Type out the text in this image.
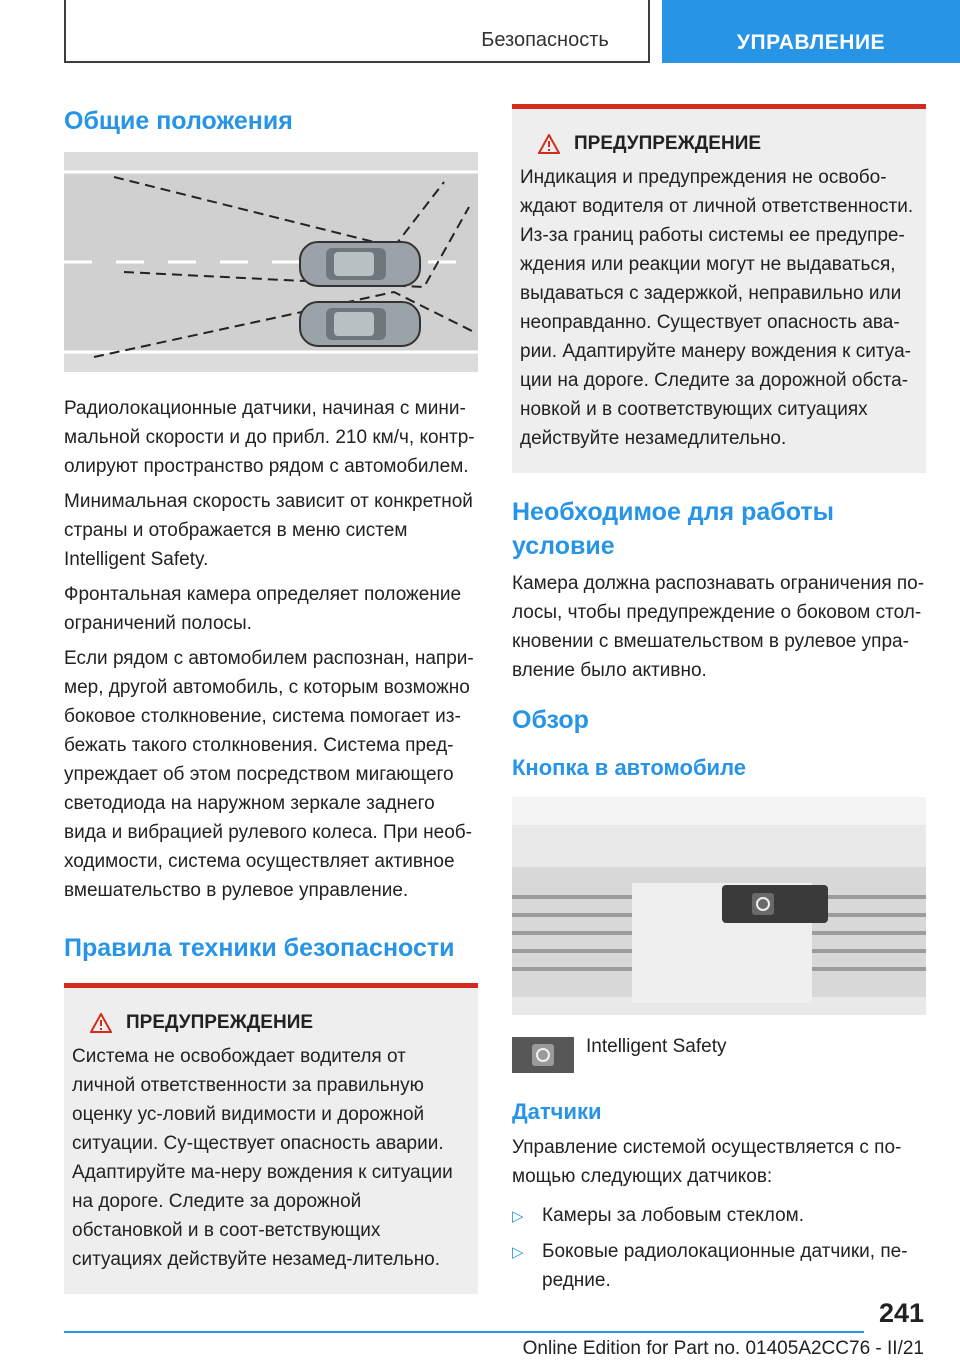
Безопасность	УПРАВЛЕНИЕ
Общие положения

Радиолокационные датчики, начиная с мини‐мальной скорости и до прибл. 210 км/ч, контр‐олируют пространство рядом с автомобилем.

Минимальная скорость зависит от конкретной страны и отображается в меню систем Intelligent Safety.

Фронтальная камера определяет положение ограничений полосы.

Если рядом с автомобилем распознан, напри‐мер, другой автомобиль, с которым возможно боковое столкновение, система помогает из‐бежать такого столкновения. Система пред‐упреждает об этом посредством мигающего светодиода на наружном зеркале заднего вида и вибрацией рулевого колеса. При необ‐ходимости, система осуществляет активное вмешательство в рулевое управление.

Правила техники безопасности
ПРЕДУПРЕЖДЕНИЕ

Система не освобождает водителя от личной ответственности за правильную оценку ус‐ловий видимости и дорожной ситуации. Су‐ществует опасность аварии. Адаптируйте ма‐неру вождения к ситуации на дороге. Следите за дорожной обстановкой и в соот‐ветствующих ситуациях действуйте незамед‐лительно.

ПРЕДУПРЕЖДЕНИЕ

Индикация и предупреждения не освобо‐ждают водителя от личной ответственности. Из-за границ работы системы ее предупре‐ждения или реакции могут не выдаваться, выдаваться с задержкой, неправильно или неоправданно. Существует опасность ава‐рии. Адаптируйте манеру вождения к ситуа‐ции на дороге. Следите за дорожной обста‐новкой и в соответствующих ситуациях действуйте незамедлительно.

Необходимое для работы условие

Камера должна распознавать ограничения по‐лосы, чтобы предупреждение о боковом стол‐кновении с вмешательством в рулевое упра‐вление было активно.

Обзор
Кнопка в автомобиле
Intelligent Safety
Датчики

Управление системой осуществляется с по‐мощью следующих датчиков:

▷ Камеры за лобовым стеклом.
▷ Боковые радиолокационные датчики, пе‐редние.
241
Online Edition for Part no. 01405A2CC76 - II/21
